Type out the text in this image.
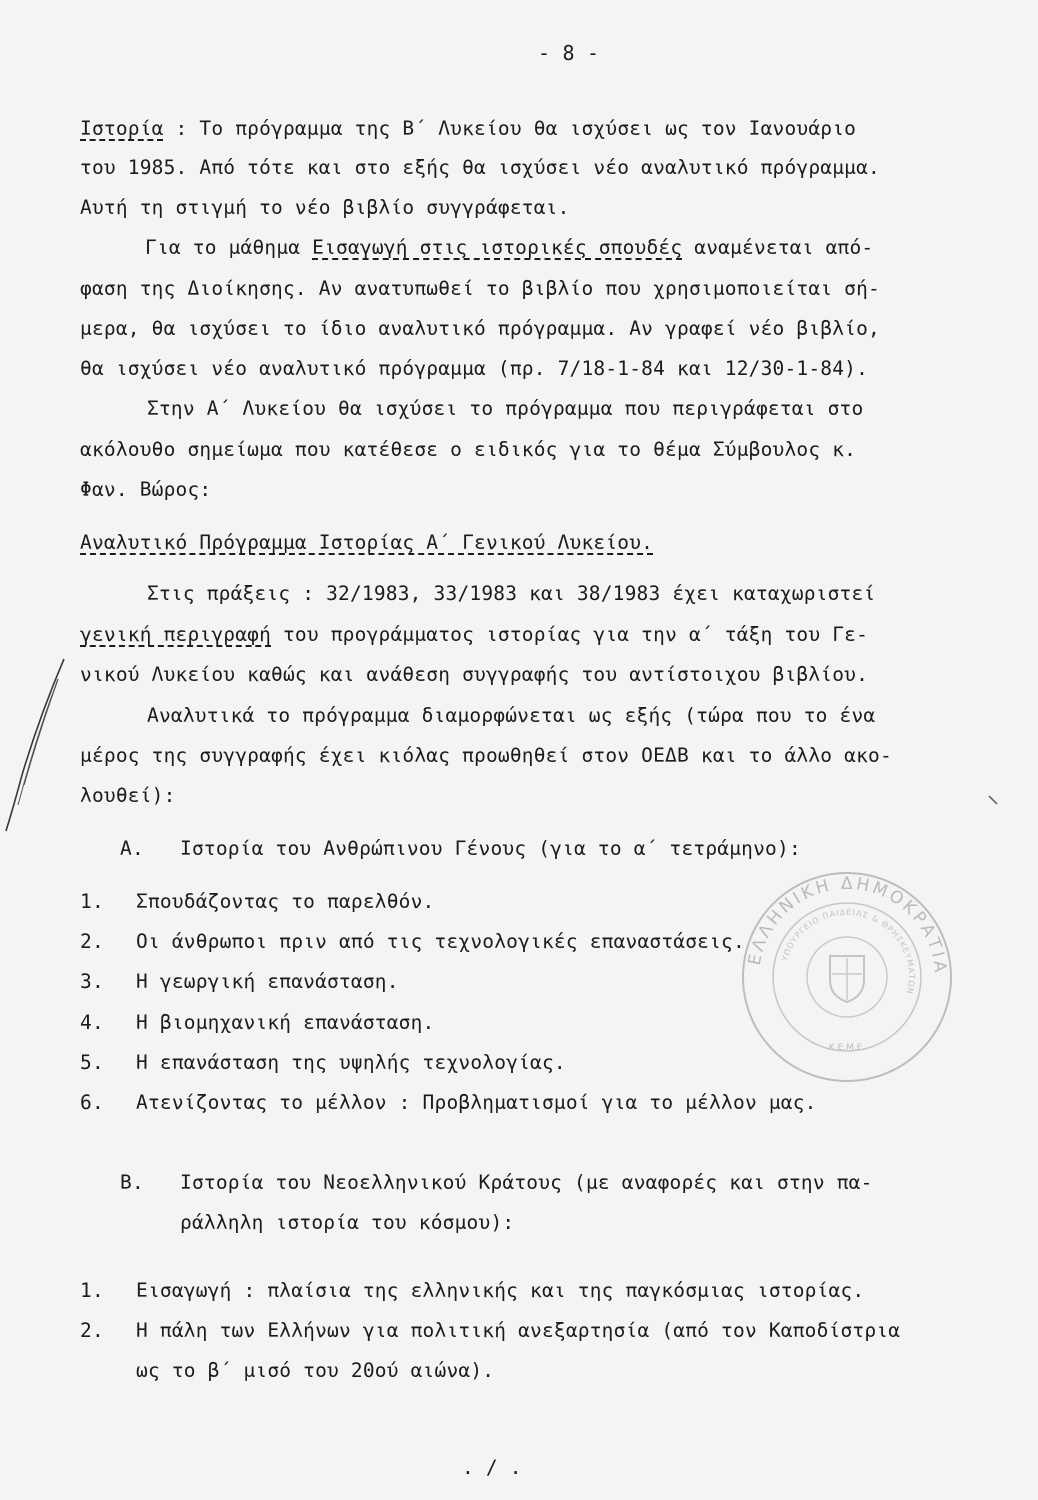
- 8 -
Ιστορία : Το πρόγραμμα της Β΄ Λυκείου θα ισχύσει ως τον Ιανουάριο
του 1985. Από τότε και στο εξής θα ισχύσει νέο αναλυτικό πρόγραμμα.
Αυτή τη στιγμή το νέο βιβλίο συγγράφεται.
Για το μάθημα Εισαγωγή στις ιστορικές σπουδές αναμένεται από-
φαση της Διοίκησης. Αν ανατυπωθεί το βιβλίο που χρησιμοποιείται σή-
μερα, θα ισχύσει το ίδιο αναλυτικό πρόγραμμα. Αν γραφεί νέο βιβλίο,
θα ισχύσει νέο αναλυτικό πρόγραμμα (πρ. 7/18-1-84 και 12/30-1-84).
Στην Α΄ Λυκείου θα ισχύσει το πρόγραμμα που περιγράφεται στο
ακόλουθο σημείωμα που κατέθεσε ο ειδικός για το θέμα Σύμβουλος κ.
Φαν. Βώρος:
Αναλυτικό Πρόγραμμα Ιστορίας Α΄ Γενικού Λυκείου.
Στις πράξεις : 32/1983, 33/1983 και 38/1983 έχει καταχωριστεί
γενική περιγραφή του προγράμματος ιστορίας για την α΄ τάξη του Γε-
νικού Λυκείου καθώς και ανάθεση συγγραφής του αντίστοιχου βιβλίου.
Αναλυτικά το πρόγραμμα διαμορφώνεται ως εξής (τώρα που το ένα
μέρος της συγγραφής έχει κιόλας προωθηθεί στον ΟΕΔΒ και το άλλο ακο-
λουθεί):
Α. Ιστορία του Ανθρώπινου Γένους (για το α΄ τετράμηνο):
1. Σπουδάζοντας το παρελθόν.
2. Οι άνθρωποι πριν από τις τεχνολογικές επαναστάσεις.
3. Η γεωργική επανάσταση.
4. Η βιομηχανική επανάσταση.
5. Η επανάσταση της υψηλής τεχνολογίας.
6. Ατενίζοντας το μέλλον : Προβληματισμοί για το μέλλον μας.
Β. Ιστορία του Νεοελληνικού Κράτους (με αναφορές και στην πα-
ράλληλη ιστορία του κόσμου):
1. Εισαγωγή : πλαίσια της ελληνικής και της παγκόσμιας ιστορίας.
2. Η πάλη των Ελλήνων για πολιτική ανεξαρτησία (από τον Καποδίστρια
ως το β΄ μισό του 20ού αιώνα).
. / .
ΕΛΛΗΝΙΚΗ ΔΗΜΟΚΡΑΤΙΑ
ΥΠΟΥΡΓΕΙΟ ΠΑΙΔΕΙΑΣ & ΘΡΗΣΚΕΥΜΑΤΩΝ
Κ.Ε.Μ.Ε.
